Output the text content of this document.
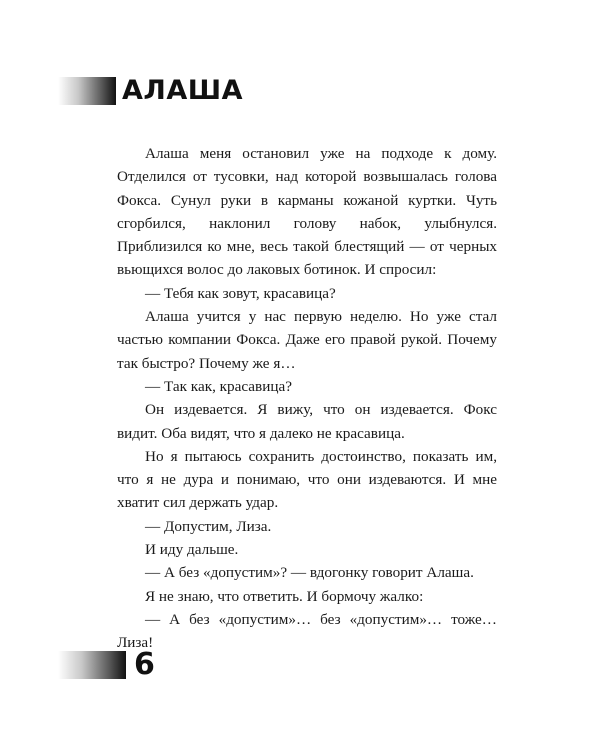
АЛАША

Алаша меня остановил уже на подходе к дому. Отделился от тусовки, над которой возвышалась голова Фокса. Сунул руки в карманы кожаной куртки. Чуть сгорбился, наклонил голову набок, улыбнулся. Приблизился ко мне, весь такой блестящий — от черных вьющихся волос до лаковых ботинок. И спросил:

— Тебя как зовут, красавица?

Алаша учится у нас первую неделю. Но уже стал частью компании Фокса. Даже его правой рукой. Почему так быстро? Почему же я…

— Так как, красавица?

Он издевается. Я вижу, что он издевается. Фокс видит. Оба видят, что я далеко не красавица.

Но я пытаюсь сохранить достоинство, показать им, что я не дура и понимаю, что они издеваются. И мне хватит сил держать удар.

— Допустим, Лиза.

И иду дальше.

— А без «допустим»? — вдогонку говорит Алаша.

Я не знаю, что ответить. И бормочу жалко:

— А без «допустим»… без «допустим»… тоже… Лиза!

6
